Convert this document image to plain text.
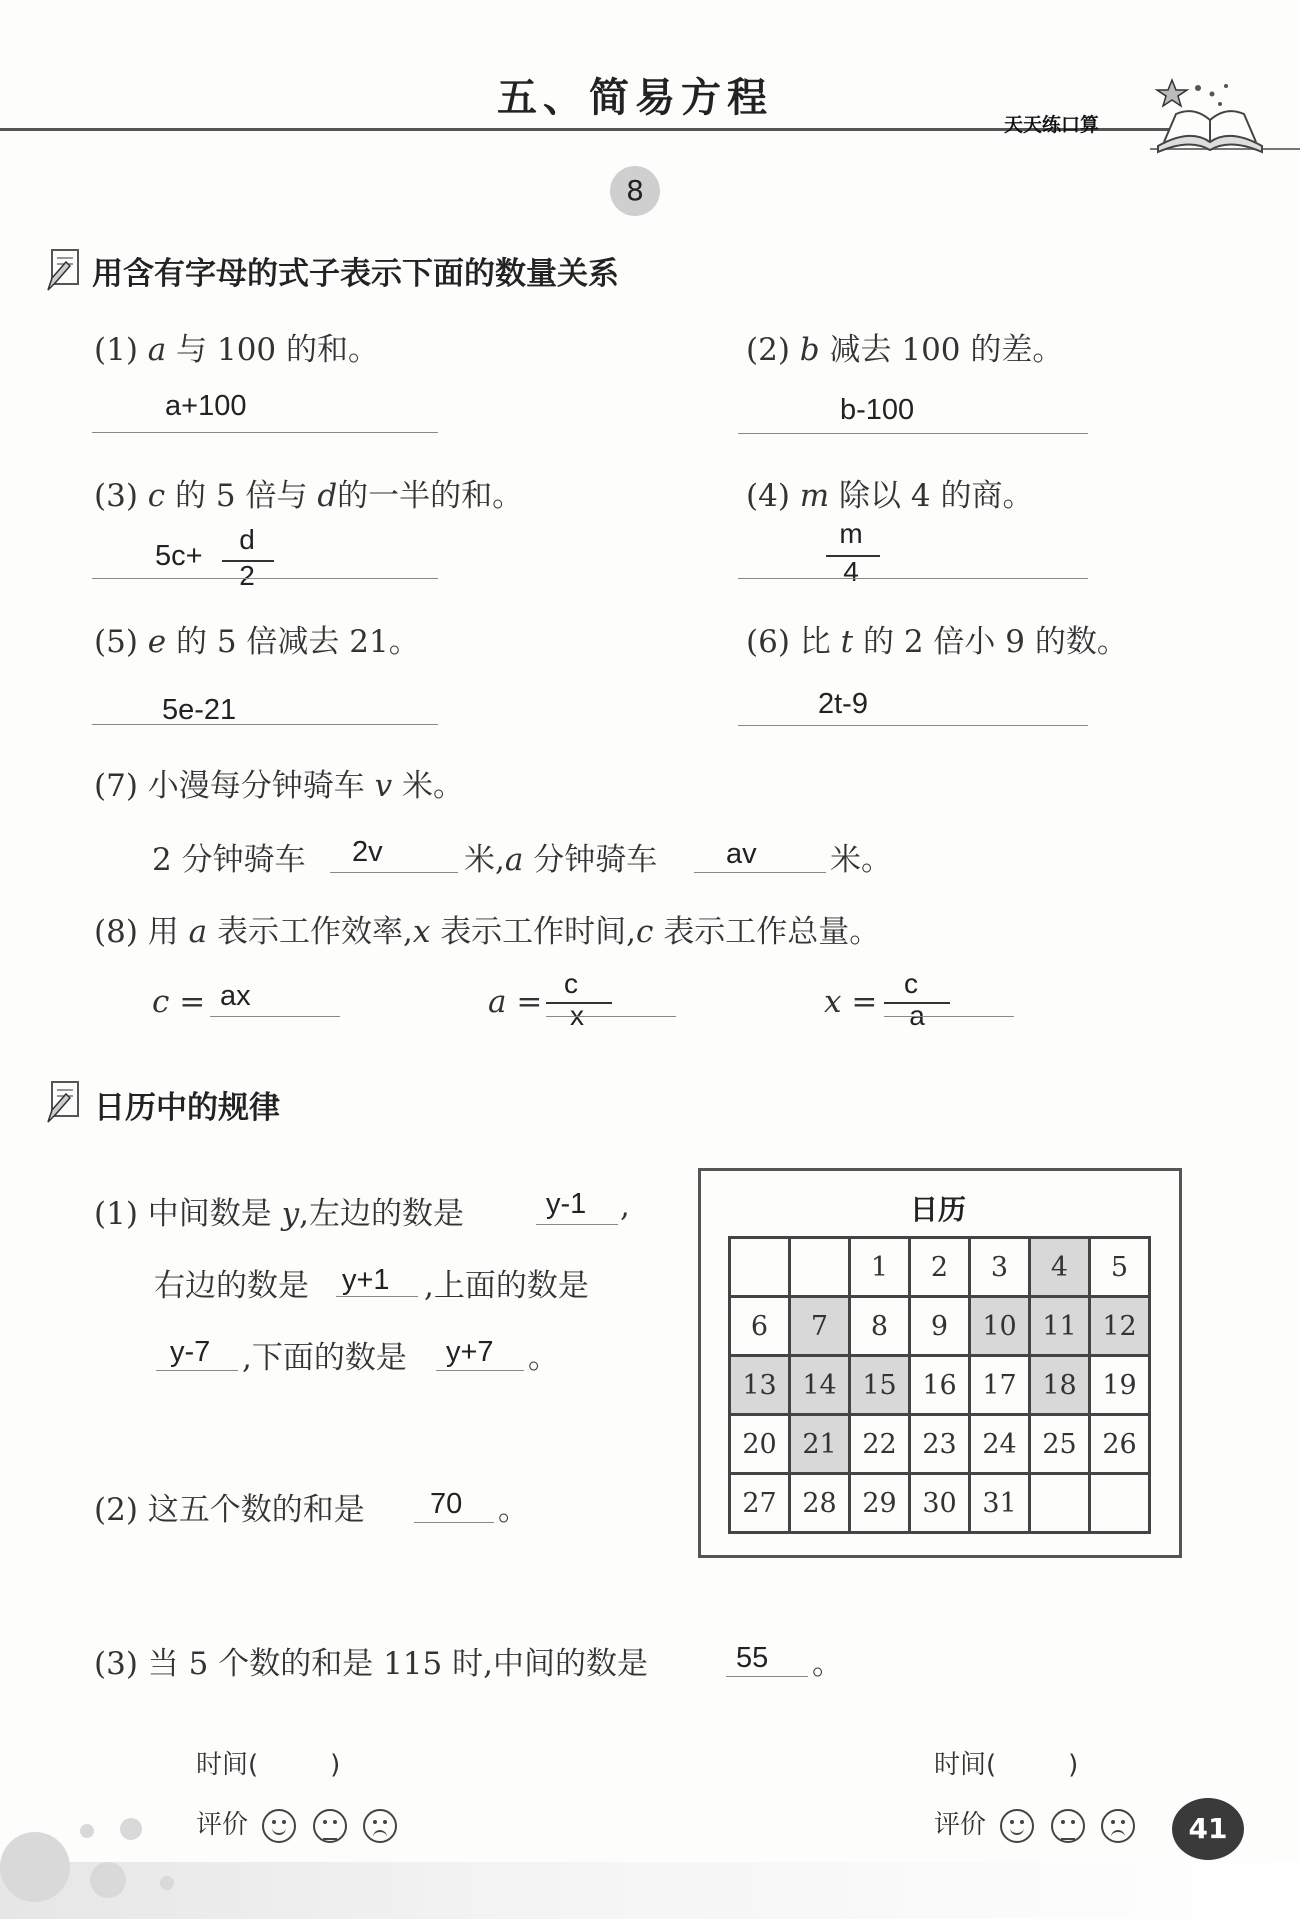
五、简易方程
天天练口算
8
用含有字母的式子表示下面的数量关系
(1) a 与 100 的和。
a+100
(2) b 减去 100 的差。
b-100
(3) c 的 5 倍与 d的一半的和。
5c+
d
2
(4) m 除以 4 的商。
m
4
(5) e 的 5 倍减去 21。
5e-21
(6) 比 t 的 2 倍小 9 的数。
2t-9
(7) 小漫每分钟骑车 v 米。
2 分钟骑车 2v	米,a 分钟骑车 av 米。
(8) 用 a 表示工作效率,x 表示工作时间,c 表示工作总量。
c = ax	a =
c
x	x =
c
a
日历中的规律
(1) 中间数是 y,左边的数是	y-1 ,
右边的数是 y+1 ,上面的数是
y-7 ,下面的数是 y+7 。
(2) 这五个数的和是 70 。
(3) 当 5 个数的和是 115 时,中间的数是	55 。
日历
		1	2	3	4	5
6	7	8	9	10	11	12
13	14	15	16	17	18	19
20	21	22	23	24	25	26
27	28	29	30	31		
时间(	)
评价

时间(	)
评价

	41
